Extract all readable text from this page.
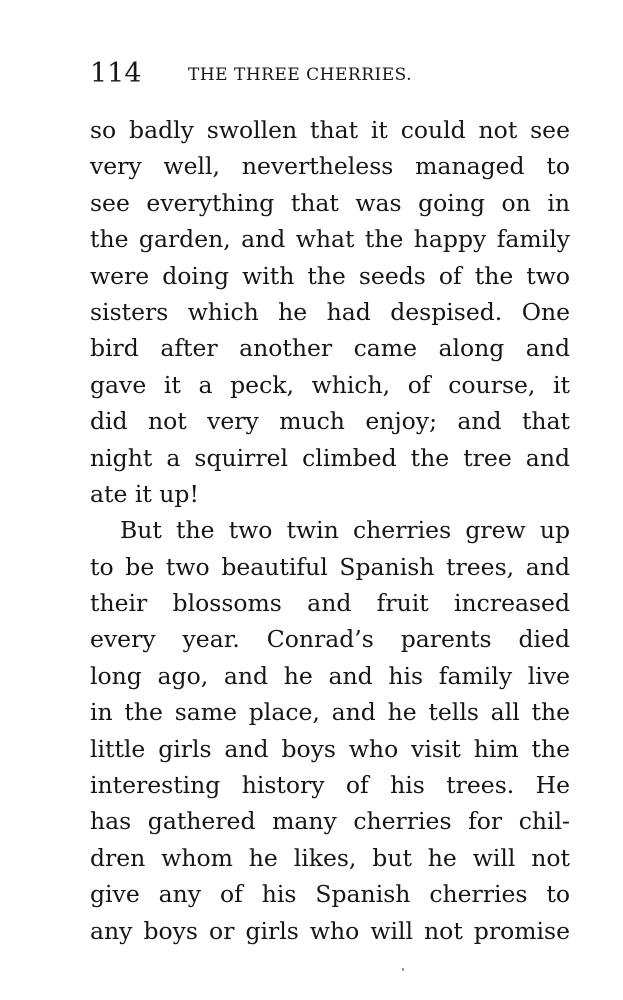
114	THE THREE CHERRIES.
so badly swollen that it could not see
very well, nevertheless managed to
see everything that was going on in
the garden, and what the happy family
were doing with the seeds of the two
sisters which he had despised. One
bird after another came along and
gave it a peck, which, of course, it
did not very much enjoy; and that
night a squirrel climbed the tree and
ate it up!
But the two twin cherries grew up
to be two beautiful Spanish trees, and
their blossoms and fruit increased
every year. Conrad’s parents died
long ago, and he and his family live
in the same place, and he tells all the
little girls and boys who visit him the
interesting history of his trees. He
has gathered many cherries for chil-
dren whom he likes, but he will not
give any of his Spanish cherries to
any boys or girls who will not promise
